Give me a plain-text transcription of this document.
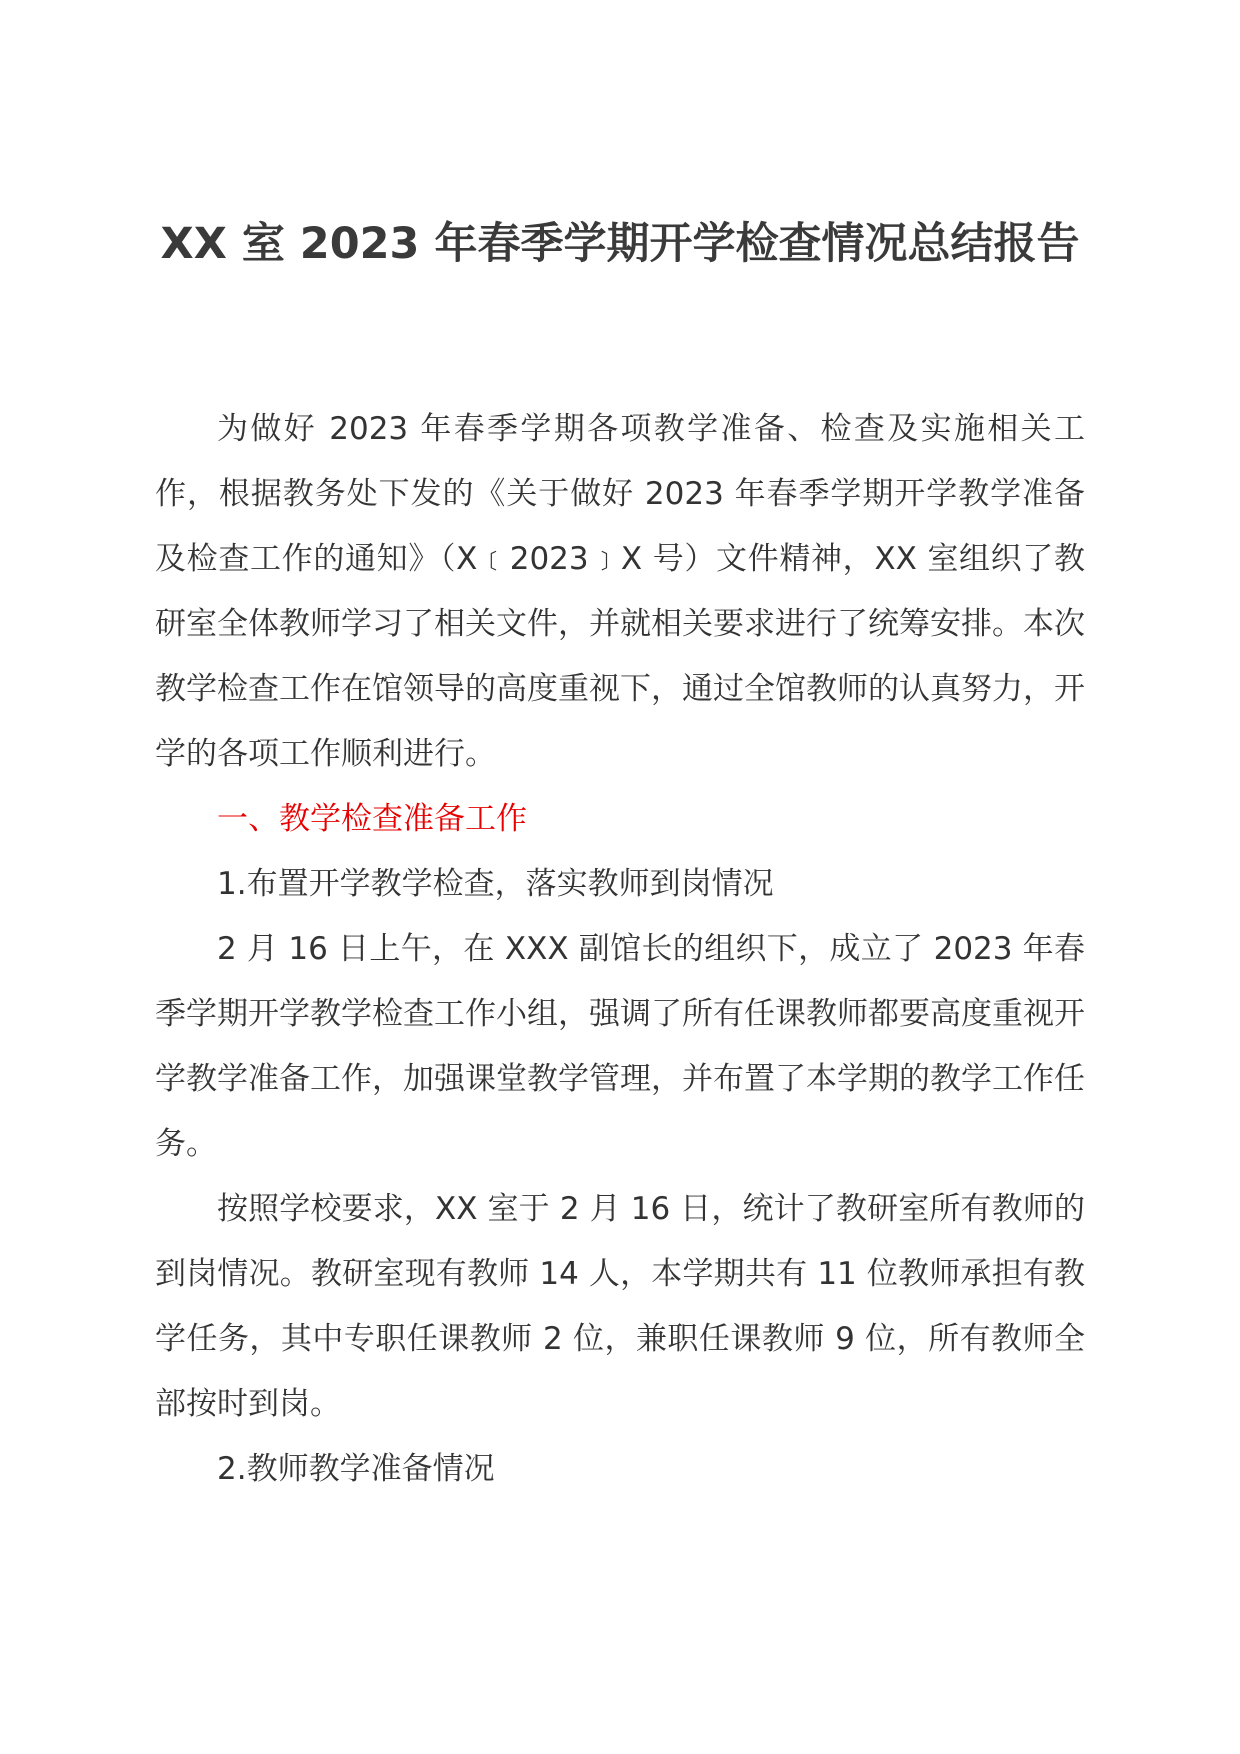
XX 室 2023 年春季学期开学检查情况总结报告

为做好 2023 年春季学期各项教学准备、检查及实施相关工作，根据教务处下发的《关于做好 2023 年春季学期开学教学准备及检查工作的通知》（X﹝2023﹞X 号）文件精神，XX 室组织了教研室全体教师学习了相关文件，并就相关要求进行了统筹安排。本次教学检查工作在馆领导的高度重视下，通过全馆教师的认真努力，开学的各项工作顺利进行。

一、教学检查准备工作

1.布置开学教学检查，落实教师到岗情况

2 月 16 日上午，在 XXX 副馆长的组织下，成立了 2023 年春季学期开学教学检查工作小组，强调了所有任课教师都要高度重视开学教学准备工作，加强课堂教学管理，并布置了本学期的教学工作任务。

按照学校要求，XX 室于 2 月 16 日，统计了教研室所有教师的到岗情况。教研室现有教师 14 人，本学期共有 11 位教师承担有教学任务，其中专职任课教师 2 位，兼职任课教师 9 位，所有教师全部按时到岗。

2.教师教学准备情况
